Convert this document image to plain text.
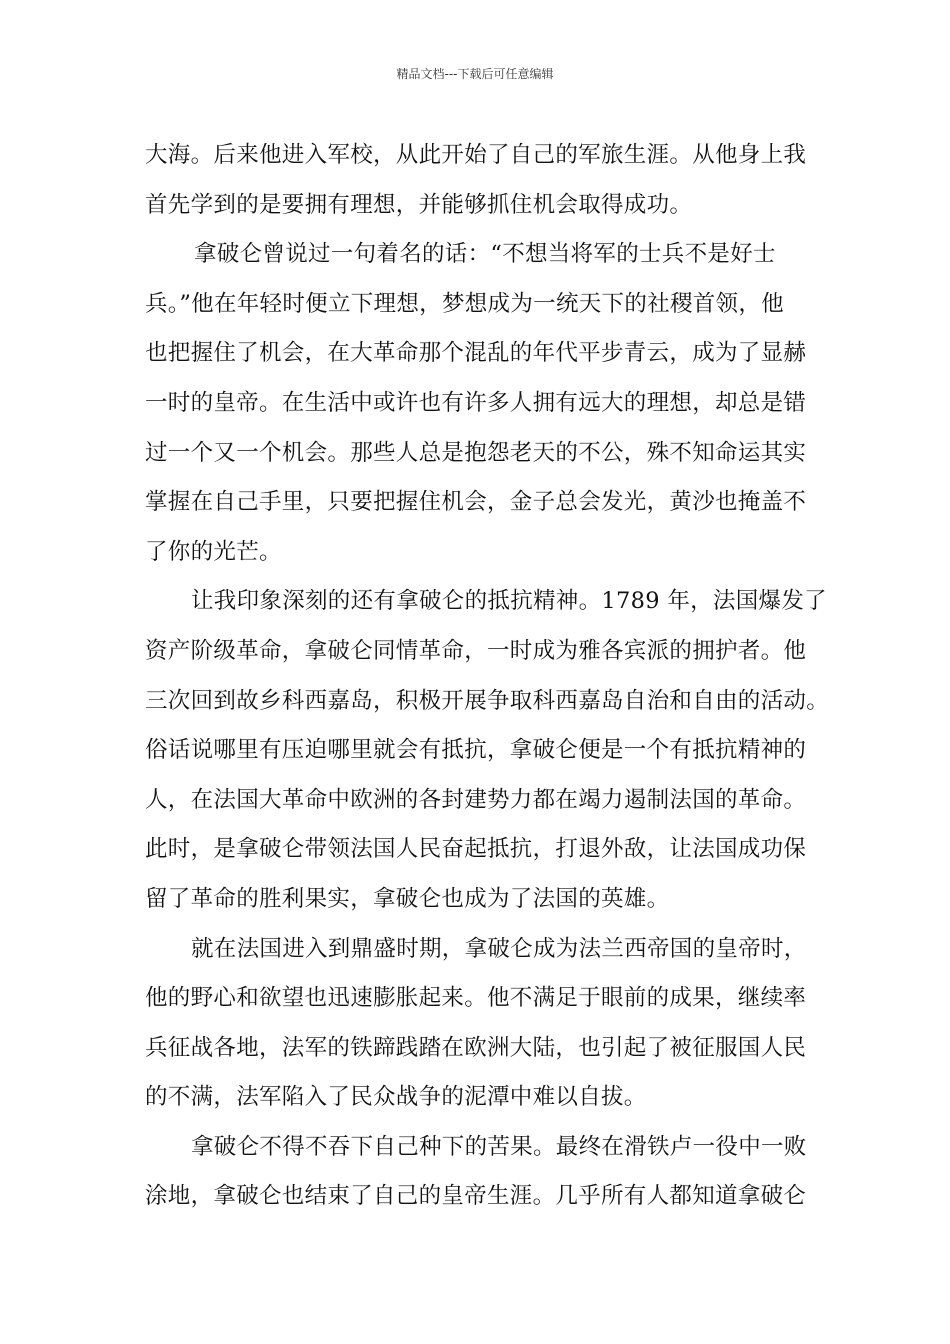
精品文档---下载后可任意编辑
大海。后来他进入军校，从此开始了自己的军旅生涯。从他身上我
首先学到的是要拥有理想，并能够抓住机会取得成功。
拿破仑曾说过一句着名的话：“不想当将军的士兵不是好士
兵。”他在年轻时便立下理想，梦想成为一统天下的社稷首领，他
也把握住了机会，在大革命那个混乱的年代平步青云，成为了显赫
一时的皇帝。在生活中或许也有许多人拥有远大的理想，却总是错
过一个又一个机会。那些人总是抱怨老天的不公，殊不知命运其实
掌握在自己手里，只要把握住机会，金子总会发光，黄沙也掩盖不
了你的光芒。
让我印象深刻的还有拿破仑的抵抗精神。1789 年，法国爆发了
资产阶级革命，拿破仑同情革命，一时成为雅各宾派的拥护者。他
三次回到故乡科西嘉岛，积极开展争取科西嘉岛自治和自由的活动。
俗话说哪里有压迫哪里就会有抵抗，拿破仑便是一个有抵抗精神的
人，在法国大革命中欧洲的各封建势力都在竭力遏制法国的革命。
此时，是拿破仑带领法国人民奋起抵抗，打退外敌，让法国成功保
留了革命的胜利果实，拿破仑也成为了法国的英雄。
就在法国进入到鼎盛时期，拿破仑成为法兰西帝国的皇帝时，
他的野心和欲望也迅速膨胀起来。他不满足于眼前的成果，继续率
兵征战各地，法军的铁蹄践踏在欧洲大陆，也引起了被征服国人民
的不满，法军陷入了民众战争的泥潭中难以自拔。
拿破仑不得不吞下自己种下的苦果。最终在滑铁卢一役中一败
涂地，拿破仑也结束了自己的皇帝生涯。几乎所有人都知道拿破仑
